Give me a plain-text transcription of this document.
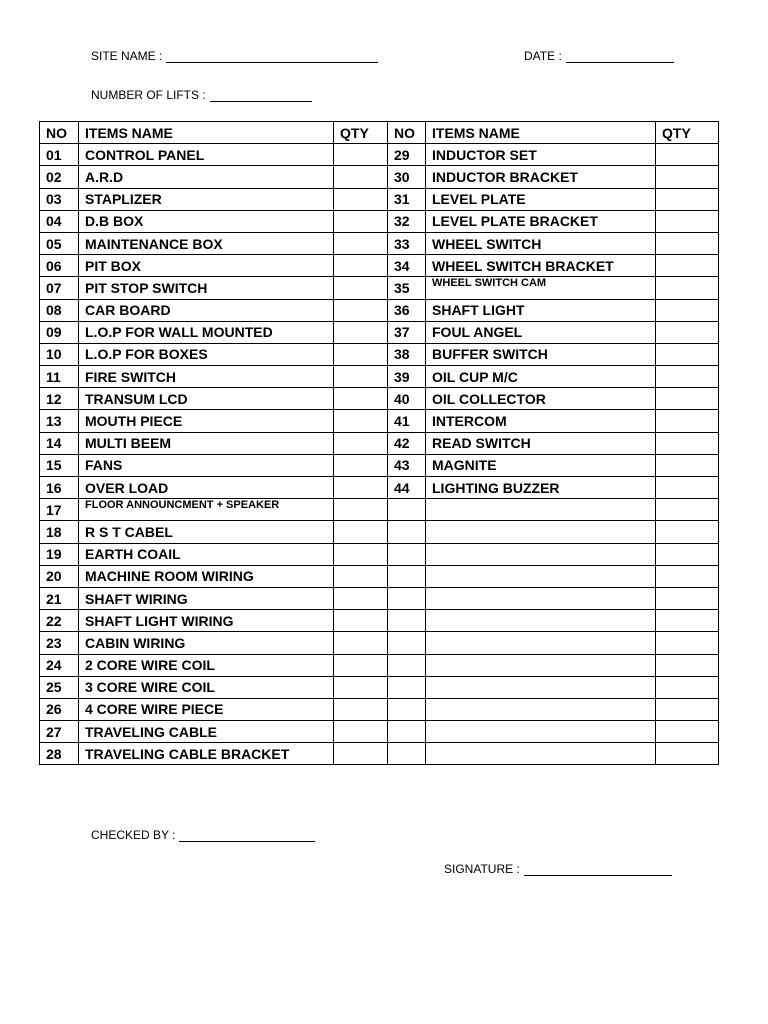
SITE NAME :	DATE :
NUMBER OF LIFTS :
NO	ITEMS NAME	QTY	NO	ITEMS NAME	QTY
01	CONTROL PANEL		29	INDUCTOR SET	
02	A.R.D		30	INDUCTOR BRACKET	
03	STAPLIZER		31	LEVEL PLATE	
04	D.B BOX		32	LEVEL PLATE BRACKET	
05	MAINTENANCE BOX		33	WHEEL SWITCH	
06	PIT BOX		34	WHEEL SWITCH BRACKET	
07	PIT STOP SWITCH		35	WHEEL SWITCH CAM	
08	CAR BOARD		36	SHAFT LIGHT	
09	L.O.P FOR WALL MOUNTED		37	FOUL ANGEL	
10	L.O.P FOR BOXES		38	BUFFER SWITCH	
11	FIRE SWITCH		39	OIL CUP M/C	
12	TRANSUM LCD		40	OIL COLLECTOR	
13	MOUTH PIECE		41	INTERCOM	
14	MULTI BEEM		42	READ SWITCH	
15	FANS		43	MAGNITE	
16	OVER LOAD		44	LIGHTING BUZZER	
17	FLOOR ANNOUNCMENT + SPEAKER				
18	R S T CABEL				
19	EARTH COAIL				
20	MACHINE ROOM WIRING				
21	SHAFT WIRING				
22	SHAFT LIGHT WIRING				
23	CABIN WIRING				
24	2 CORE WIRE COIL				
25	3 CORE WIRE COIL				
26	4 CORE WIRE PIECE				
27	TRAVELING CABLE				
28	TRAVELING CABLE BRACKET				
CHECKED BY :
SIGNATURE :
